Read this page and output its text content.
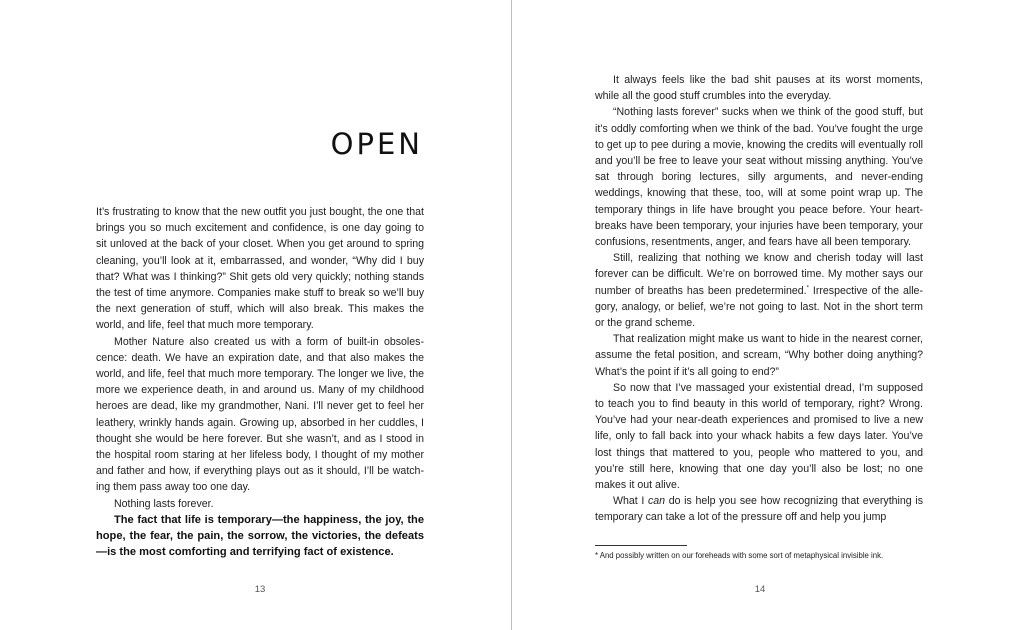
OPEN

It’s frustrating to know that the new outfit you just bought, the one that brings you so much excitement and confidence, is one day going to sit unloved at the back of your closet. When you get around to spring cleaning, you’ll look at it, embarrassed, and wonder, “Why did I buy that? What was I thinking?” Shit gets old very quickly; nothing stands the test of time anymore. Companies make stuff to break so we’ll buy the next generation of stuff, which will also break. This makes the world, and life, feel that much more temporary.

Mother Nature also created us with a form of built-in obsolescence: death. We have an expiration date, and that also makes the world, and life, feel that much more temporary. The longer we live, the more we experience death, in and around us. Many of my childhood heroes are dead, like my grandmother, Nani. I’ll never get to feel her leathery, wrinkly hands again. Growing up, absorbed in her cuddles, I thought she would be here forever. But she wasn’t, and as I stood in the hospital room staring at her lifeless body, I thought of my mother and father and how, if everything plays out as it should, I’ll be watching them pass away too one day.

Nothing lasts forever.

The fact that life is temporary—the happiness, the joy, the hope, the fear, the pain, the sorrow, the victories, the defeats—is the most comforting and terrifying fact of existence.

13

It always feels like the bad shit pauses at its worst moments, while all the good stuff crumbles into the everyday.

“Nothing lasts forever” sucks when we think of the good stuff, but it’s oddly comforting when we think of the bad. You’ve fought the urge to get up to pee during a movie, knowing the credits will eventually roll and you’ll be free to leave your seat without missing anything. You’ve sat through boring lectures, silly arguments, and never-ending weddings, knowing that these, too, will at some point wrap up. The temporary things in life have brought you peace before. Your heartbreaks have been temporary, your injuries have been temporary, your confusions, resentments, anger, and fears have all been temporary.

Still, realizing that nothing we know and cherish today will last forever can be difficult. We’re on borrowed time. My mother says our number of breaths has been predetermined.* Irrespective of the allegory, analogy, or belief, we’re not going to last. Not in the short term or the grand scheme.

That realization might make us want to hide in the nearest corner, assume the fetal position, and scream, “Why bother doing anything? What’s the point if it’s all going to end?”

So now that I’ve massaged your existential dread, I’m supposed to teach you to find beauty in this world of temporary, right? Wrong. You’ve had your near-death experiences and promised to live a new life, only to fall back into your whack habits a few days later. You’ve lost things that mattered to you, people who mattered to you, and you’re still here, knowing that one day you’ll also be lost; no one makes it out alive.

What I can do is help you see how recognizing that everything is temporary can take a lot of the pressure off and help you jump

* And possibly written on our foreheads with some sort of metaphysical invisible ink.
14
